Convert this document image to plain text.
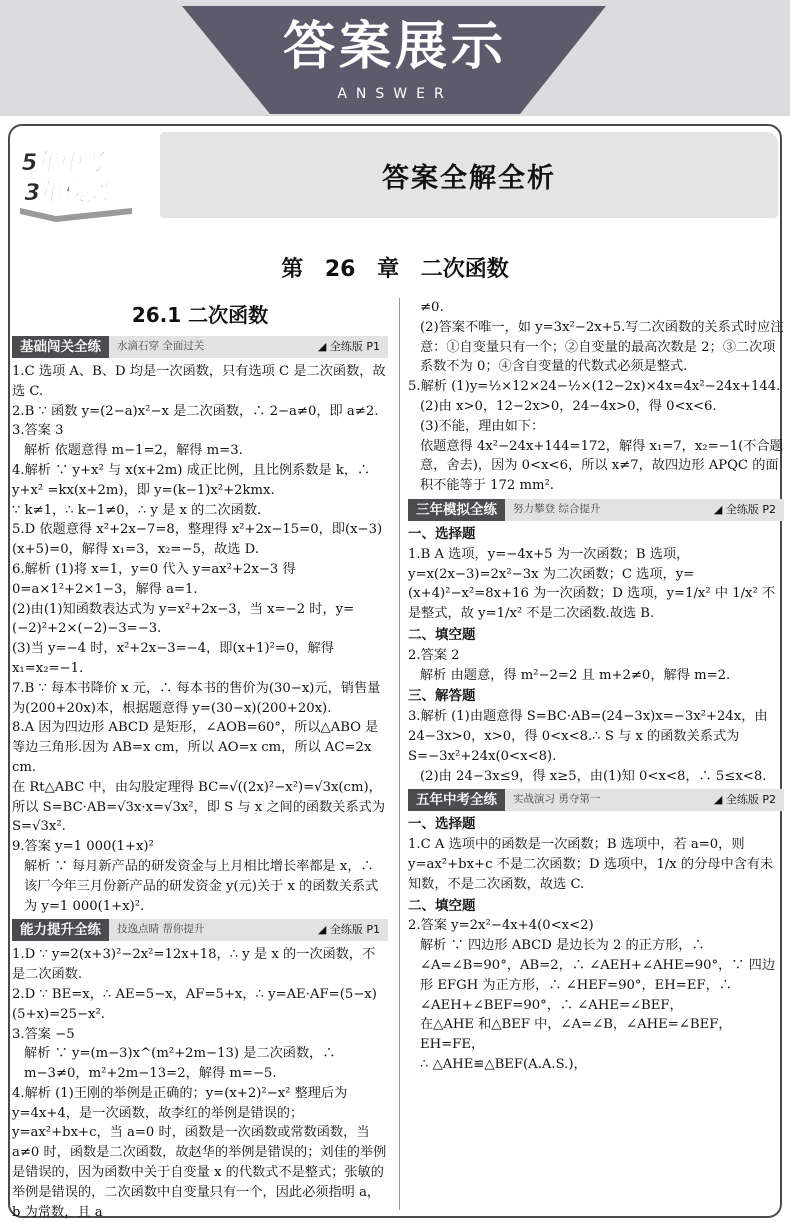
答案展示
ANSWER
5年中考
3年模拟	答案全解全析
第 26 章 二次函数
26.1 二次函数
基础闯关全练	水滴石穿 全面过关	◢ 全练版 P1

1.C 选项 A、B、D 均是一次函数，只有选项 C 是二次函数，故选 C.

2.B ∵ 函数 y=(2−a)x²−x 是二次函数，∴ 2−a≠0，即 a≠2.

3.答案 3

解析 依题意得 m−1=2，解得 m=3.

4.解析 ∵ y+x² 与 x(x+2m) 成正比例，且比例系数是 k，∴ y+x² =kx(x+2m)，即 y=(k−1)x²+2kmx.

∵ k≠1，∴ k−1≠0，∴ y 是 x 的二次函数.

5.D 依题意得 x²+2x−7=8，整理得 x²+2x−15=0，即(x−3)(x+5)=0，解得 x₁=3，x₂=−5，故选 D.

6.解析 (1)将 x=1，y=0 代入 y=ax²+2x−3 得 0=a×1²+2×1−3，解得 a=1.

(2)由(1)知函数表达式为 y=x²+2x−3，当 x=−2 时，y=(−2)²+2×(−2)−3=−3.

(3)当 y=−4 时，x²+2x−3=−4，即(x+1)²=0，解得 x₁=x₂=−1.

7.B ∵ 每本书降价 x 元，∴ 每本书的售价为(30−x)元，销售量为(200+20x)本，根据题意得 y=(30−x)(200+20x).

8.A 因为四边形 ABCD 是矩形，∠AOB=60°，所以△ABO 是等边三角形.因为 AB=x cm，所以 AO=x cm，所以 AC=2x cm.

在 Rt△ABC 中，由勾股定理得 BC=√((2x)²−x²)=√3x(cm)，所以 S=BC·AB=√3x·x=√3x²，即 S 与 x 之间的函数关系式为 S=√3x².

9.答案 y=1 000(1+x)²

解析 ∵ 每月新产品的研发资金与上月相比增长率都是 x，∴ 该厂今年三月份新产品的研发资金 y(元)关于 x 的函数关系式为 y=1 000(1+x)².

能力提升全练	技逸点睛 帮你提升	◢ 全练版 P1

1.D ∵ y=2(x+3)²−2x²=12x+18，∴ y 是 x 的一次函数，不是二次函数.

2.D ∵ BE=x，∴ AE=5−x，AF=5+x，∴ y=AE·AF=(5−x)(5+x)=25−x².

3.答案 −5

解析 ∵ y=(m−3)x^(m²+2m−13) 是二次函数，∴ m−3≠0，m²+2m−13=2，解得 m=−5.

4.解析 (1)王刚的举例是正确的；y=(x+2)²−x² 整理后为 y=4x+4，是一次函数，故李红的举例是错误的；y=ax²+bx+c，当 a=0 时，函数是一次函数或常数函数，当 a≠0 时，函数是二次函数，故赵华的举例是错误的；刘佳的举例是错误的，因为函数中关于自变量 x 的代数式不是整式；张敏的举例是错误的，二次函数中自变量只有一个，因此必须指明 a，b 为常数，且 a

≠0.

(2)答案不唯一，如 y=3x²−2x+5.写二次函数的关系式时应注意：①自变量只有一个；②自变量的最高次数是 2；③二次项系数不为 0；④含自变量的代数式必须是整式.

5.解析 (1)y=½×12×24−½×(12−2x)×4x=4x²−24x+144.

(2)由 x>0，12−2x>0，24−4x>0，得 0<x<6.

(3)不能，理由如下：

依题意得 4x²−24x+144=172，解得 x₁=7，x₂=−1(不合题意，舍去)，因为 0<x<6，所以 x≠7，故四边形 APQC 的面积不能等于 172 mm².

三年模拟全练	努力攀登 综合提升	◢ 全练版 P2

一、选择题

1.B A 选项，y=−4x+5 为一次函数；B 选项，y=x(2x−3)=2x²−3x 为二次函数；C 选项，y=(x+4)²−x²=8x+16 为一次函数；D 选项，y=1/x² 中 1/x² 不是整式，故 y=1/x² 不是二次函数.故选 B.

二、填空题

2.答案 2

解析 由题意，得 m²−2=2 且 m+2≠0，解得 m=2.

三、解答题

3.解析 (1)由题意得 S=BC·AB=(24−3x)x=−3x²+24x，由 24−3x>0，x>0，得 0<x<8.∴ S 与 x 的函数关系式为 S=−3x²+24x(0<x<8).

(2)由 24−3x≤9，得 x≥5，由(1)知 0<x<8，∴ 5≤x<8.

五年中考全练	实战演习 勇夺第一	◢ 全练版 P2

一、选择题

1.C A 选项中的函数是一次函数；B 选项中，若 a=0，则 y=ax²+bx+c 不是二次函数；D 选项中，1/x 的分母中含有未知数，不是二次函数，故选 C.

二、填空题

2.答案 y=2x²−4x+4(0<x<2)

解析 ∵ 四边形 ABCD 是边长为 2 的正方形，∴ ∠A=∠B=90°，AB=2，∴ ∠AEH+∠AHE=90°，∵ 四边形 EFGH 为正方形，∴ ∠HEF=90°，EH=EF，∴ ∠AEH+∠BEF=90°，∴ ∠AHE=∠BEF，

在△AHE 和△BEF 中，∠A=∠B，∠AHE=∠BEF，EH=FE，

∴ △AHE≌△BEF(A.A.S.)，
